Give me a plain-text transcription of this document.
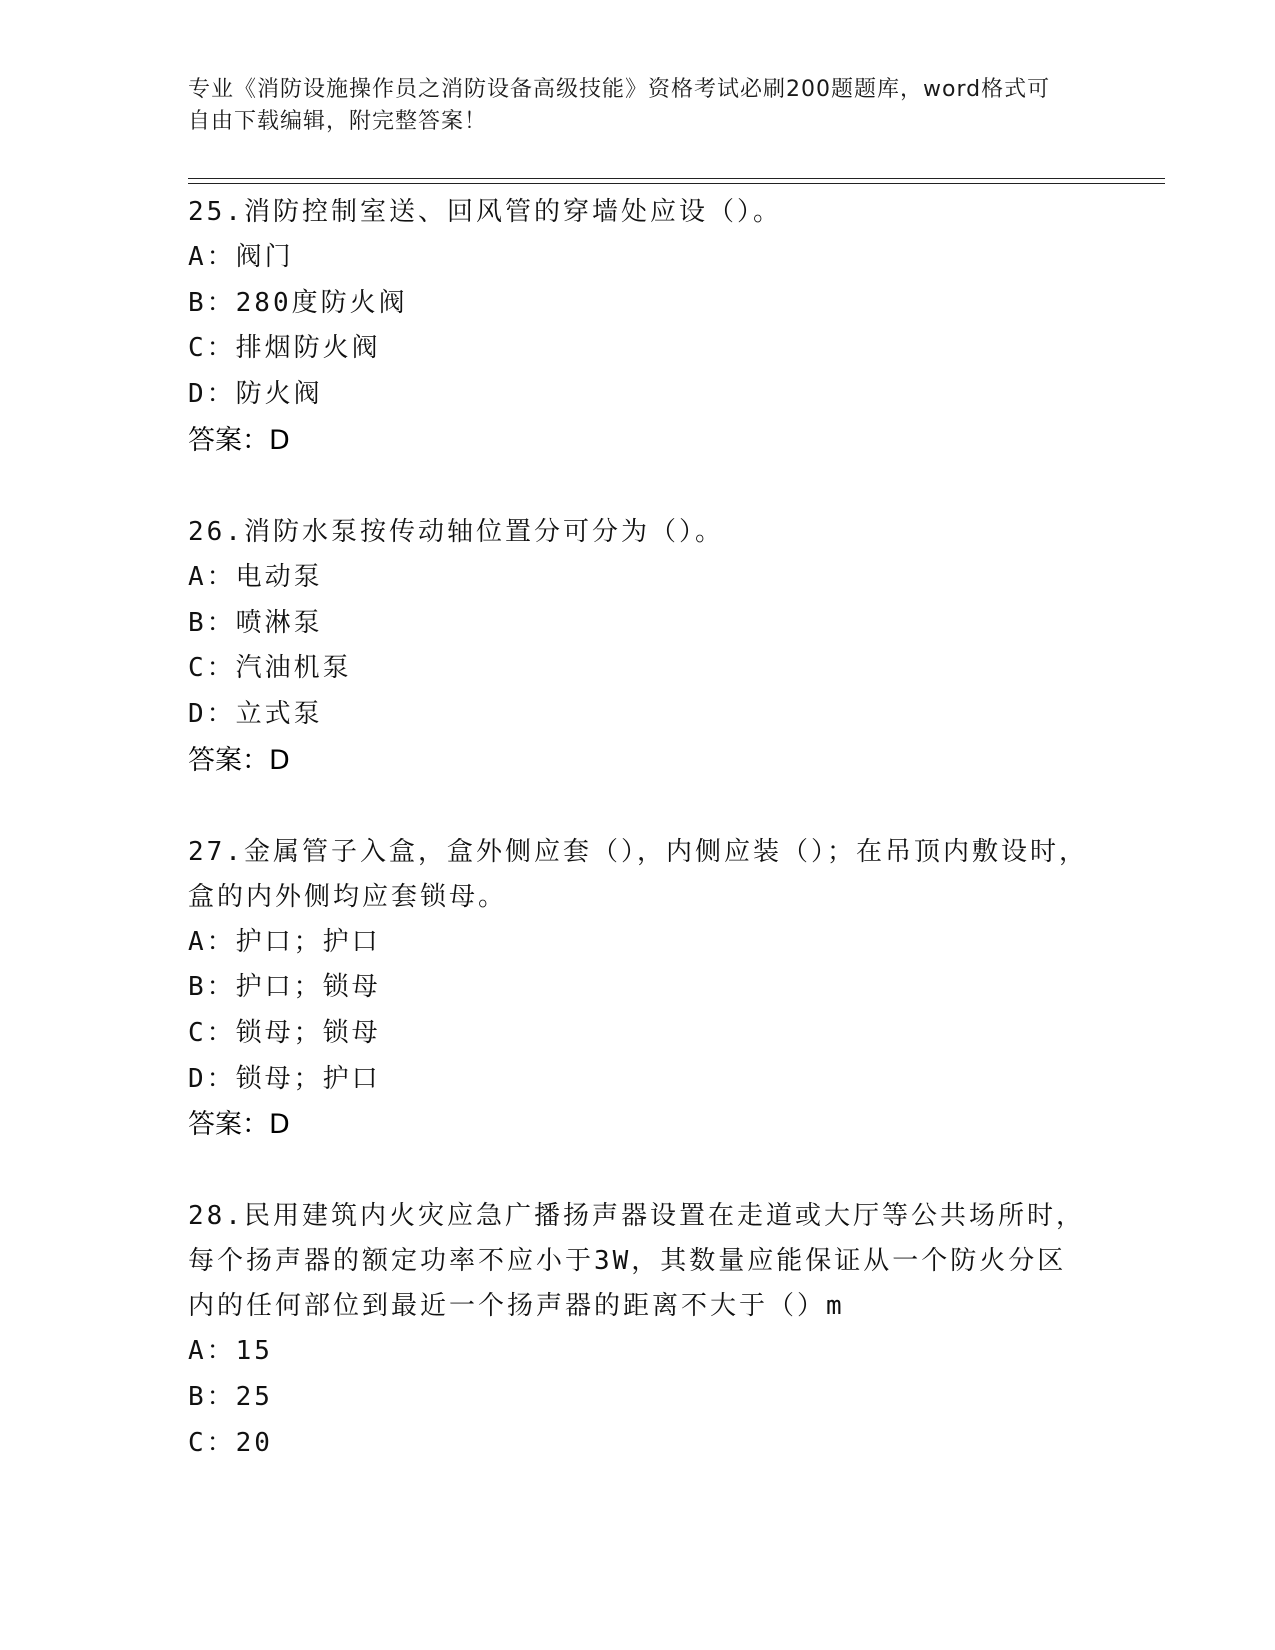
专业《消防设施操作员之消防设备高级技能》资格考试必刷200题题库，word格式可自由下载编辑，附完整答案！
25.消防控制室送、回风管的穿墙处应设（）。
A：阀门
B：280度防火阀
C：排烟防火阀
D：防火阀
答案：D
26.消防水泵按传动轴位置分可分为（）。
A：电动泵
B：喷淋泵
C：汽油机泵
D：立式泵
答案：D
27.金属管子入盒，盒外侧应套（），内侧应装（）；在吊顶内敷设时，盒的内外侧均应套锁母。
A：护口；护口
B：护口；锁母
C：锁母；锁母
D：锁母；护口
答案：D
28.民用建筑内火灾应急广播扬声器设置在走道或大厅等公共场所时，每个扬声器的额定功率不应小于3W，其数量应能保证从一个防火分区内的任何部位到最近一个扬声器的距离不大于（）m
A：15
B：25
C：20
